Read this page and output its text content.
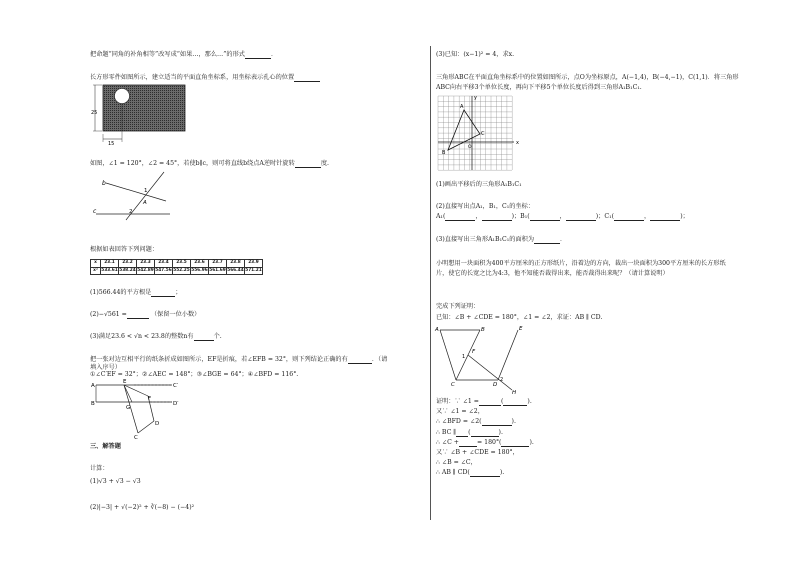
把命题“同角的补角相等”改写成“如果…，那么…”的形式	．
长方形零件如图所示，建立适当的平面直角坐标系，用坐标表示孔心的位置
25
15
如图，∠1 = 120°，∠2 = 45°，若使b∥c，则可将直线b绕点A逆时针旋转	度.
b
c
1
2
A
根据如表回答下列问题：
x	23.1	23.2	23.3	23.4	23.5	23.6	23.7	23.8	23.9
x²	533.61	538.24	542.89	547.56	552.25	556.96	561.69	566.44	571.21
(1)566.44的平方根是	；
(2)−√561 =	（保留一位小数）
(3)满足23.6 < √n < 23.8的整数n有	个.
把一张对边互相平行的纸条折成如图所示，EF是折痕，若∠EFB = 32°，则下列结论正确的有	．（请
填入序号）
①∠C′EF = 32°；②∠AEC = 148°；③∠BGE = 64°；④∠BFD = 116°.
A
B
E
C′
D′
G
F
C
D
三、解答题
计算：
(1)√3 + √3 − √3
(2)|−3| + √(−2)² + ∛(−8) − (−4)²
(3)已知：(x−1)² = 4，求x.
三角形ABC在平面直角坐标系中的位置如图所示，点O为坐标原点，A(−1,4)，B(−4,−1)，C(1,1)．将三角形
ABC向右平移3个单位长度，再向下平移5个单位长度后得到三角形A₁B₁C₁.
A
B
C
O
x
y
(1)画出平移后的三角形A₁B₁C₁
(2)直接写出点A₁，B₁，C₁的坐标：
A₁(	，	)；B₁(	，	)；C₁(	，	)；
(3)直接写出三角形A₁B₁C₁的面积为	．
小明想用一块面积为400平方厘米的正方形纸片，沿着边的方向，裁出一块面积为300平方厘米的长方形纸
片，使它的长宽之比为4:3，他不知能否裁得出来，能否裁得出来呢？（请计算说明）
完成下列证明：
已知：∠B + ∠CDE = 180°，∠1 = ∠2，求证：AB ∥ CD.
A	B	E
F
1
2
C	D
H
证明：∵ ∠1 =	(	).
又∵ ∠1 = ∠2，
∴ ∠BFD = ∠2(	).
∴ BC ∥ (	).
∴ ∠C +	= 180°(	).
又∵ ∠B + ∠CDE = 180°，
∴ ∠B = ∠C，
∴ AB ∥ CD(	).
